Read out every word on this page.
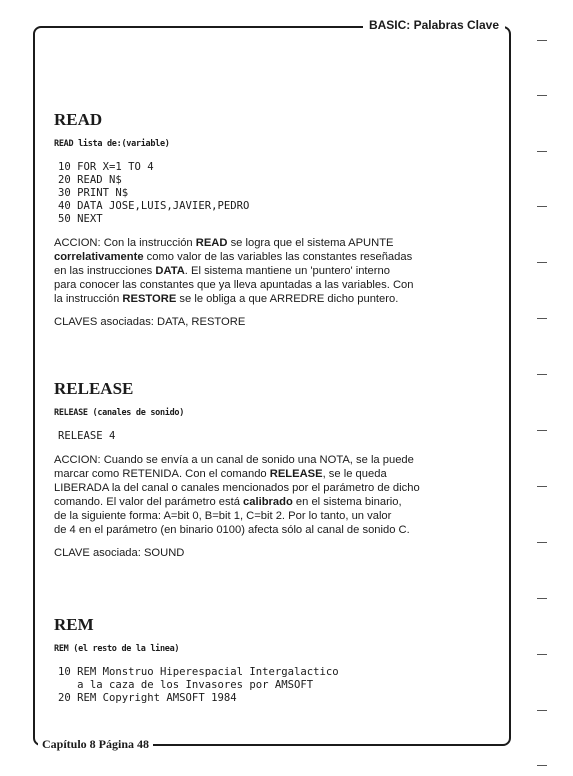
BASIC: Palabras Clave
READ
READ lista de:(variable)
10 FOR X=1 TO 4
20 READ N$
30 PRINT N$
40 DATA JOSE,LUIS,JAVIER,PEDRO
50 NEXT
ACCION: Con la instrucción READ se logra que el sistema APUNTE
correlativamente como valor de las variables las constantes reseñadas
en las instrucciones DATA. El sistema mantiene un 'puntero' interno
para conocer las constantes que ya lleva apuntadas a las variables. Con
la instrucción RESTORE se le obliga a que ARREDRE dicho puntero.
CLAVES asociadas: DATA, RESTORE
RELEASE
RELEASE (canales de sonido)
RELEASE 4
ACCION: Cuando se envía a un canal de sonido una NOTA, se la puede
marcar como RETENIDA. Con el comando RELEASE, se le queda
LIBERADA la del canal o canales mencionados por el parámetro de dicho
comando. El valor del parámetro está calibrado en el sistema binario,
de la siguiente forma: A=bit 0, B=bit 1, C=bit 2. Por lo tanto, un valor
de 4 en el parámetro (en binario 0100) afecta sólo al canal de sonido C.
CLAVE asociada: SOUND
REM
REM (el resto de la linea)
10 REM Monstruo Hiperespacial Intergalactico
a la caza de los Invasores por AMSOFT
20 REM Copyright AMSOFT 1984
Capítulo 8 Página 48
